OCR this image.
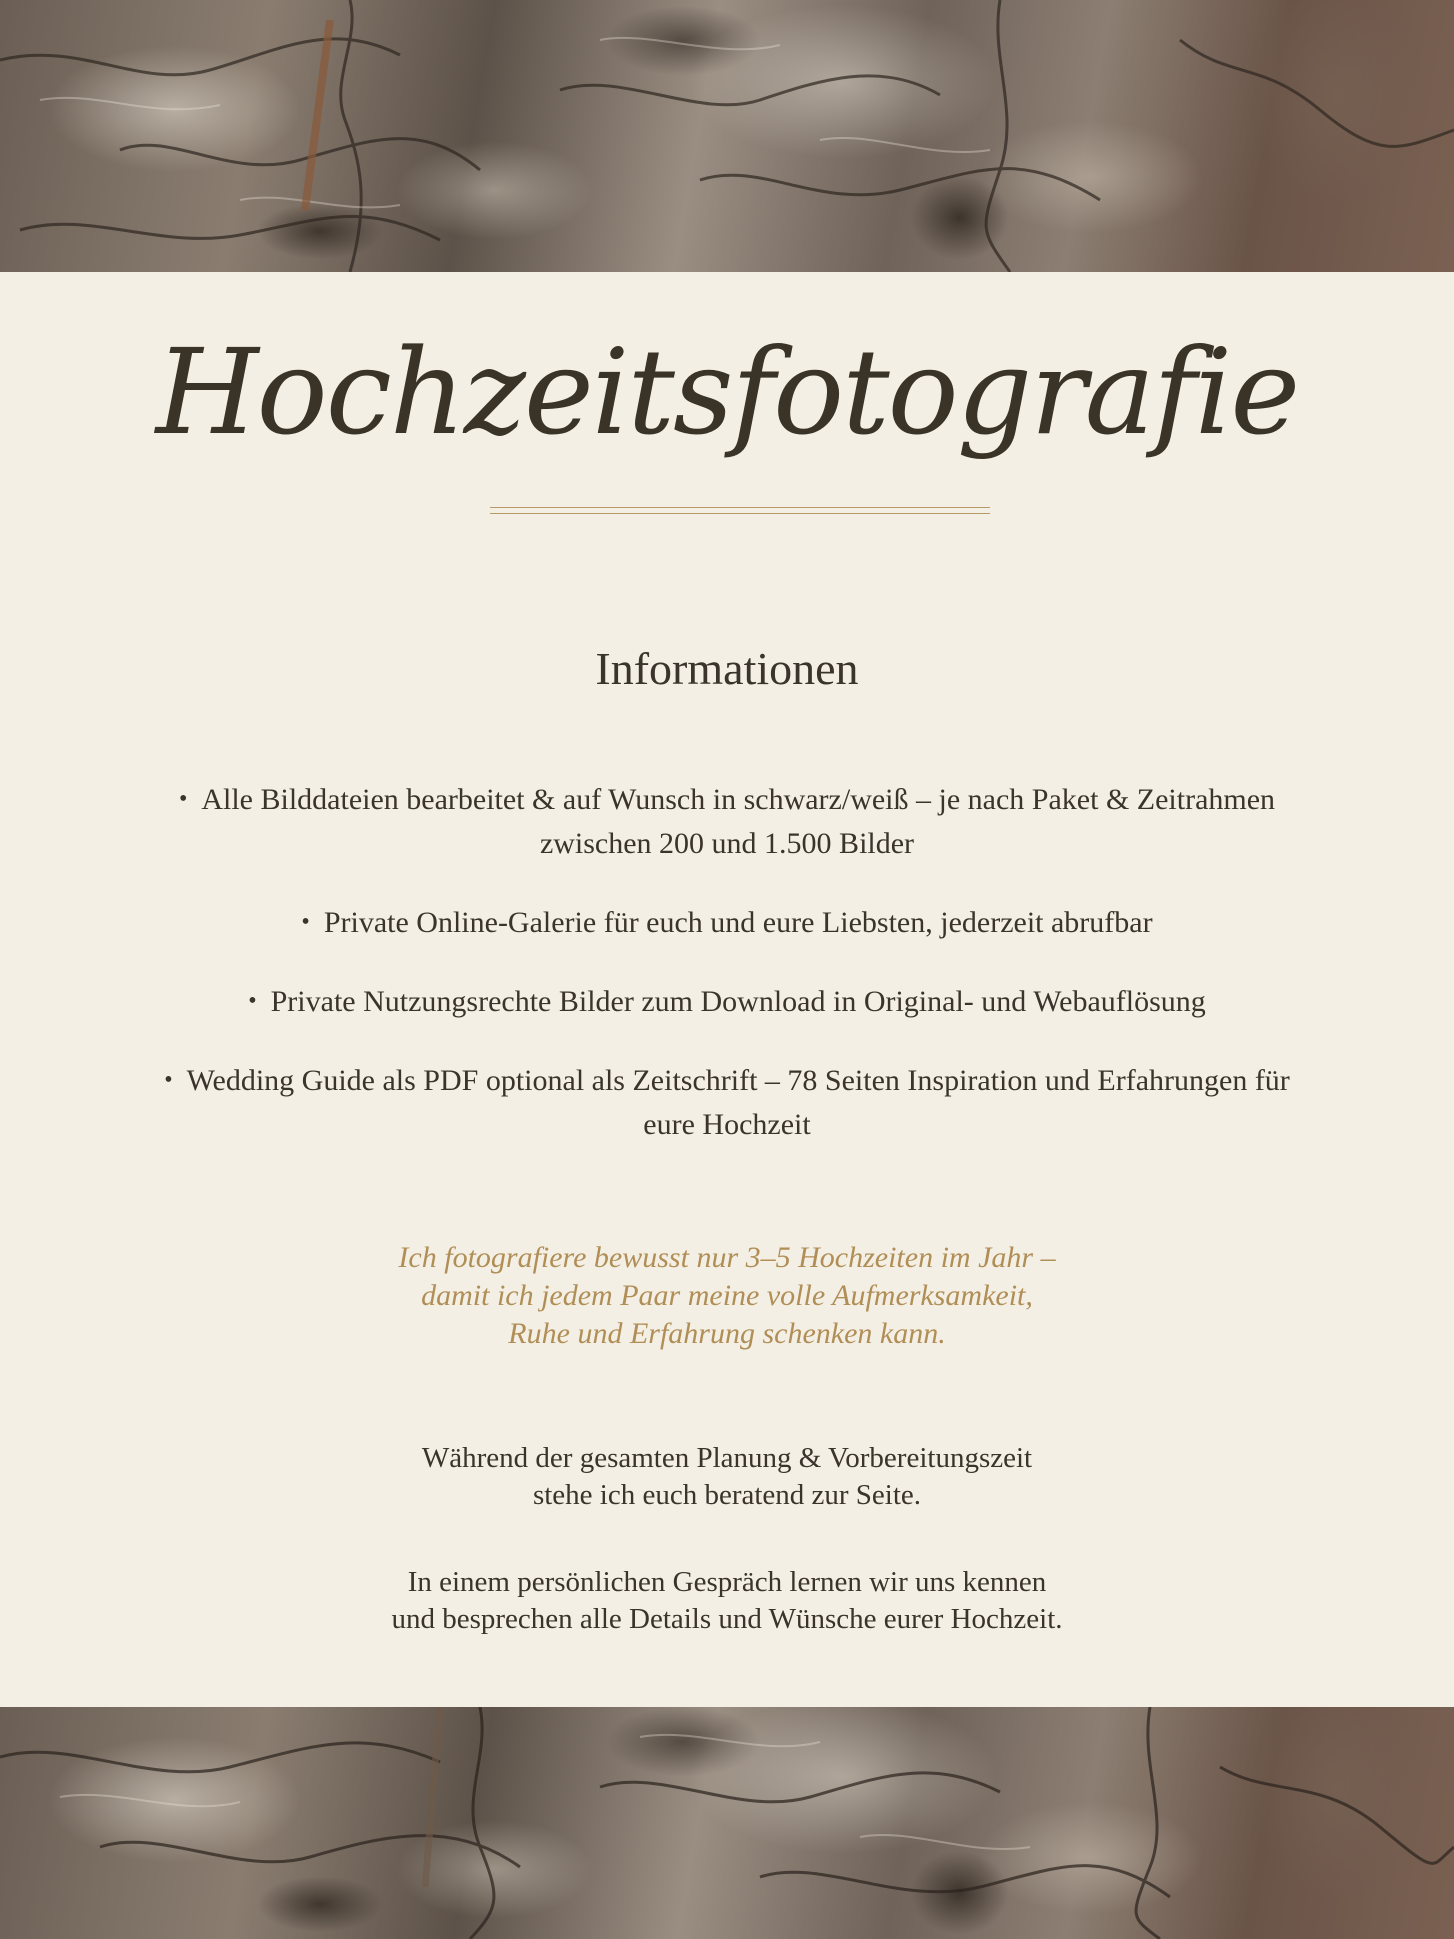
Hochzeitsfotografie
Informationen
• Alle Bilddateien bearbeitet & auf Wunsch in schwarz/weiß – je nach Paket & Zeitrahmen zwischen 200 und 1.500 Bilder
• Private Online-Galerie für euch und eure Liebsten, jederzeit abrufbar
• Private Nutzungsrechte Bilder zum Download in Original- und Webauflösung
• Wedding Guide als PDF optional als Zeitschrift – 78 Seiten Inspiration und Erfahrungen für eure Hochzeit
Ich fotografiere bewusst nur 3–5 Hochzeiten im Jahr –
damit ich jedem Paar meine volle Aufmerksamkeit,
Ruhe und Erfahrung schenken kann.
Während der gesamten Planung & Vorbereitungszeit
stehe ich euch beratend zur Seite.
In einem persönlichen Gespräch lernen wir uns kennen
und besprechen alle Details und Wünsche eurer Hochzeit.
